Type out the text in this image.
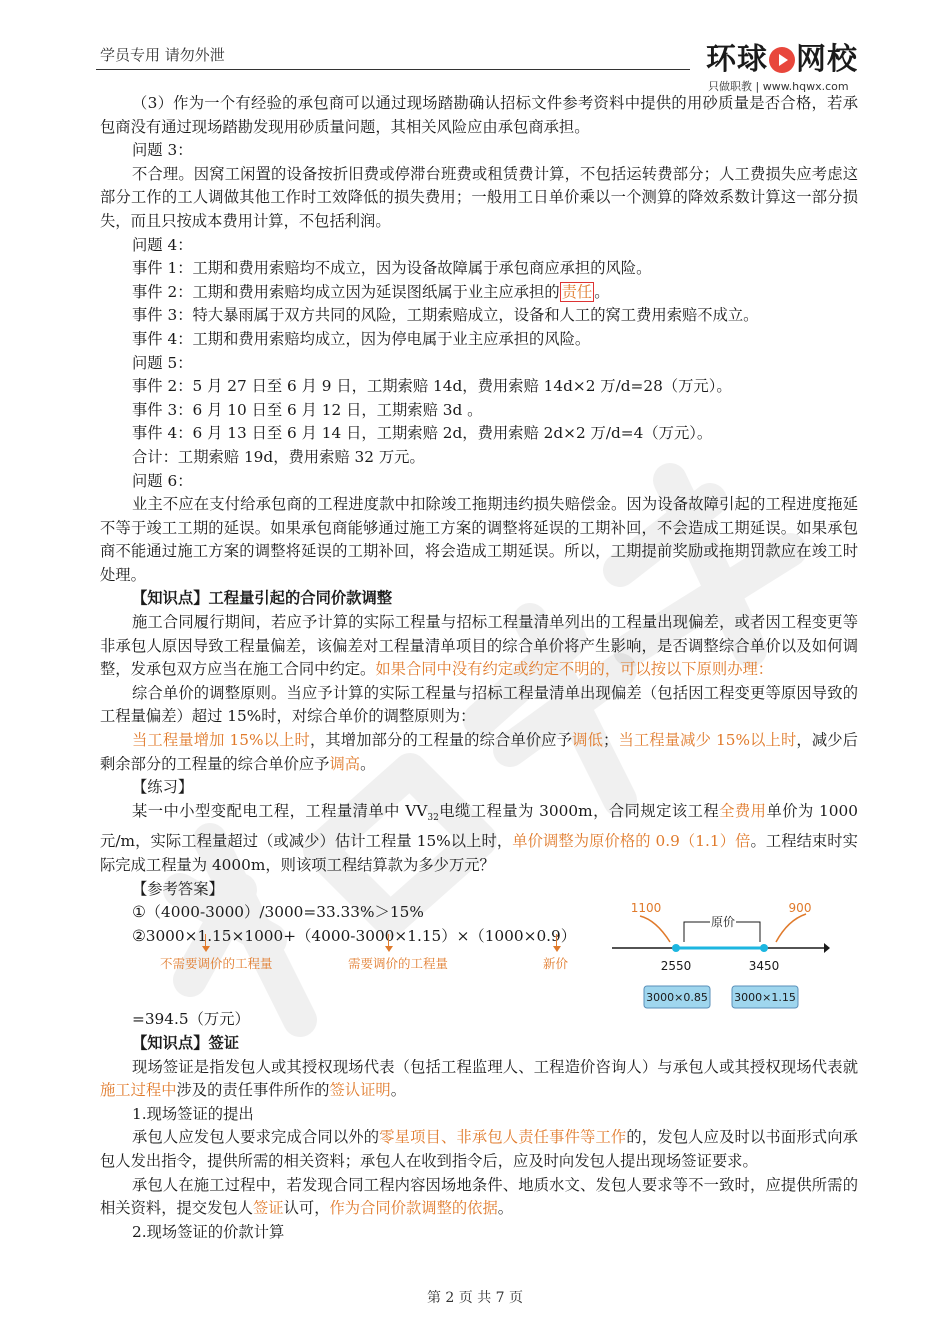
学员专用 请勿外泄	环球 网校
只做职教 | www.hqwx.com

（3）作为一个有经验的承包商可以通过现场踏勘确认招标文件参考资料中提供的用砂质量是否合格，若承包商没有通过现场踏勘发现用砂质量问题，其相关风险应由承包商承担。

问题 3：

不合理。因窝工闲置的设备按折旧费或停滞台班费或租赁费计算，不包括运转费部分；人工费损失应考虑这部分工作的工人调做其他工作时工效降低的损失费用；一般用工日单价乘以一个测算的降效系数计算这一部分损失，而且只按成本费用计算，不包括利润。

问题 4：

事件 1：工期和费用索赔均不成立，因为设备故障属于承包商应承担的风险。

事件 2：工期和费用索赔均成立因为延误图纸属于业主应承担的 责任 。

事件 3：特大暴雨属于双方共同的风险，工期索赔成立，设备和人工的窝工费用索赔不成立。

事件 4：工期和费用索赔均成立，因为停电属于业主应承担的风险。

问题 5：

事件 2：5 月 27 日至 6 月 9 日，工期索赔 14d，费用索赔 14d×2 万/d=28（万元）。

事件 3：6 月 10 日至 6 月 12 日，工期索赔 3d 。

事件 4：6 月 13 日至 6 月 14 日，工期索赔 2d，费用索赔 2d×2 万/d=4（万元）。

合计：工期索赔 19d，费用索赔 32 万元。

问题 6：

业主不应在支付给承包商的工程进度款中扣除竣工拖期违约损失赔偿金。因为设备故障引起的工程进度拖延不等于竣工工期的延误。如果承包商能够通过施工方案的调整将延误的工期补回，不会造成工期延误。如果承包商不能通过施工方案的调整将延误的工期补回，将会造成工期延误。所以，工期提前奖励或拖期罚款应在竣工时处理。

【知识点】工程量引起的合同价款调整

施工合同履行期间，若应予计算的实际工程量与招标工程量清单列出的工程量出现偏差，或者因工程变更等非承包人原因导致工程量偏差，该偏差对工程量清单项目的综合单价将产生影响，是否调整综合单价以及如何调整，发承包双方应当在施工合同中约定。如果合同中没有约定或约定不明的，可以按以下原则办理：

综合单价的调整原则。当应予计算的实际工程量与招标工程量清单出现偏差（包括因工程变更等原因导致的工程量偏差）超过 15%时，对综合单价的调整原则为：

当工程量增加 15%以上时，其增加部分的工程量的综合单价应予调低；当工程量减少 15%以上时，减少后剩余部分的工程量的综合单价应予调高。

【练习】

某一中小型变配电工程，工程量清单中 $VV_{32}$电缆工程量为 3000m，合同规定该工程全费用单价为 1000 元/m，实际工程量超过（或减少）估计工程量 15%以上时，单价调整为原价格的 0.9（1.1）倍。工程结束时实际完成工程量为 4000m，则该项工程结算款为多少万元？

【参考答案】

①（4000-3000）/3000=33.33%＞15%

②3000×1.15×1000+（4000-3000×1.15）×（1000×0.9）

不需要调价的工程量	需要调价的工程量	新价

=394.5（万元）

【知识点】签证

现场签证是指发包人或其授权现场代表（包括工程监理人、工程造价咨询人）与承包人或其授权现场代表就施工过程中涉及的责任事件所作的签认证明。

1.现场签证的提出

承包人应发包人要求完成合同以外的零星项目、非承包人责任事件等工作的，发包人应及时以书面形式向承包人发出指令，提供所需的相关资料；承包人在收到指令后，应及时向发包人提出现场签证要求。

承包人在施工过程中，若发现合同工程内容因场地条件、地质水文、发包人要求等不一致时，应提供所需的相关资料，提交发包人签证认可，作为合同价款调整的依据。

2.现场签证的价款计算

1100
原价
900
2550	3450
3000×0.85 3000×1.15
第 2 页 共 7 页
